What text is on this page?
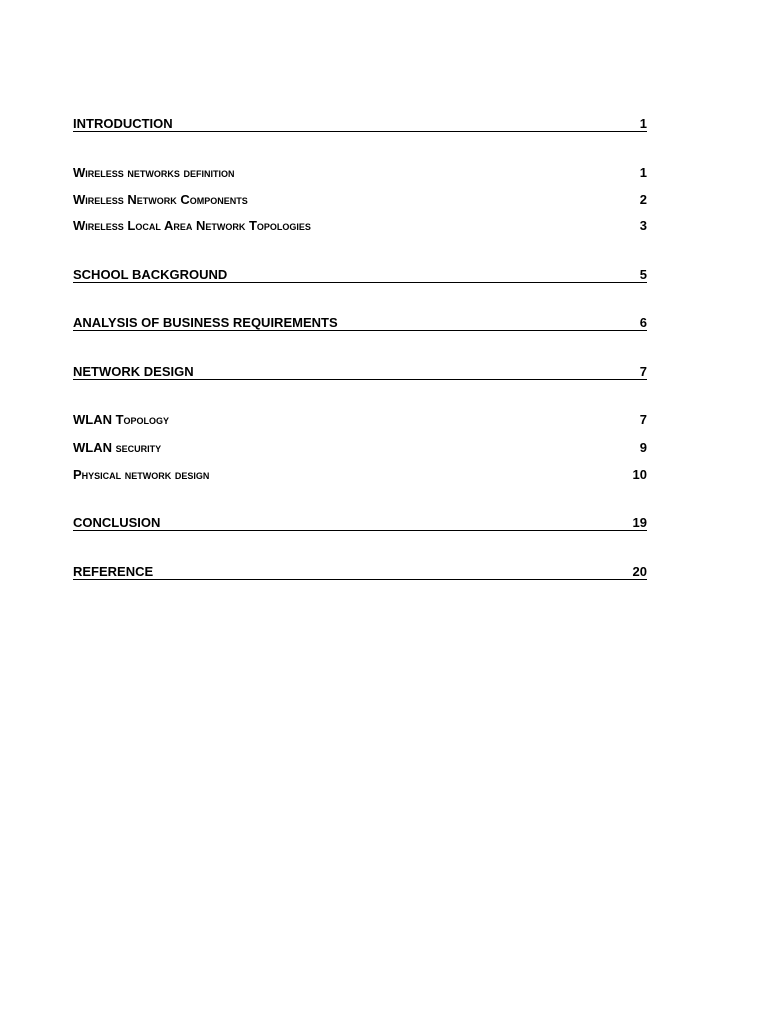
INTRODUCTION	1
Wireless networks definition	1
Wireless Network Components	2
Wireless Local Area Network Topologies	3
SCHOOL BACKGROUND	5
ANALYSIS OF BUSINESS REQUIREMENTS	6
NETWORK DESIGN	7
WLAN Topology	7
WLAN security	9
Physical network design	10
CONCLUSION	19
REFERENCE	20
